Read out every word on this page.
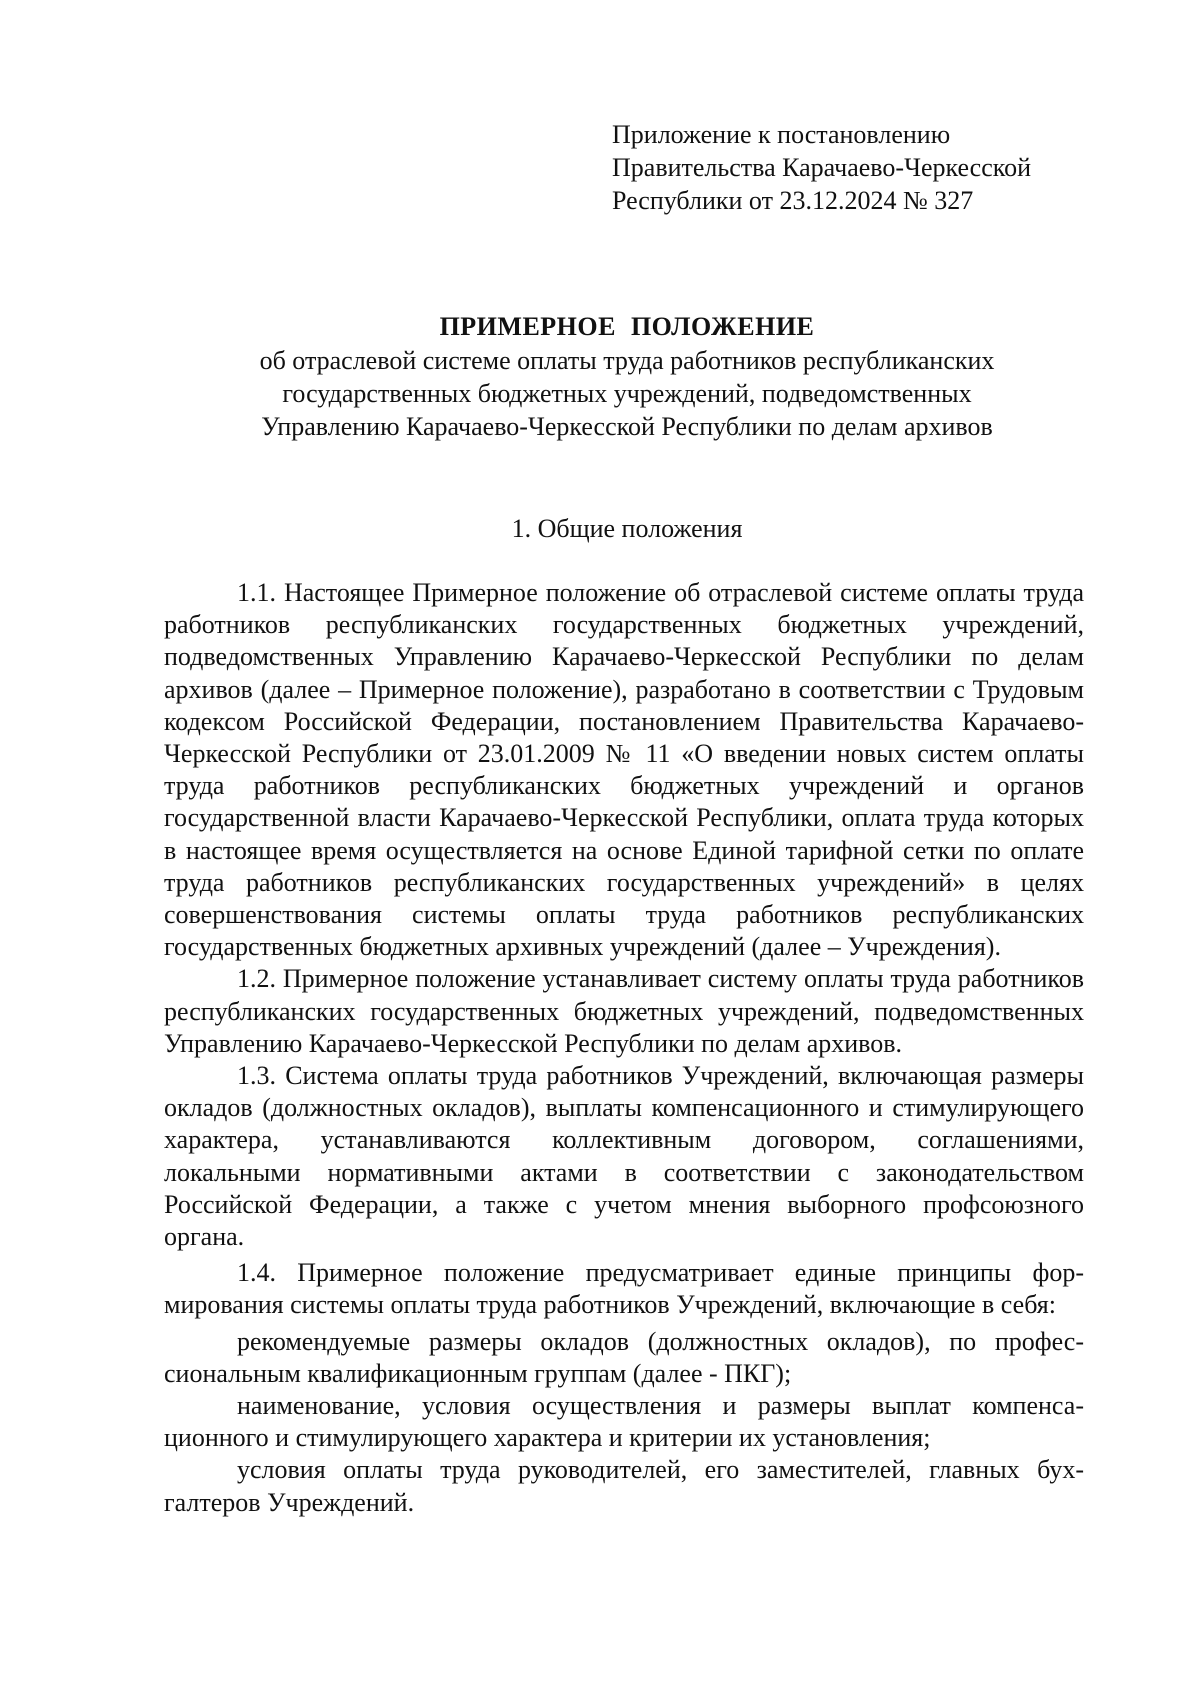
Приложение к постановлению
Правительства Карачаево-Черкесской
Республики от 23.12.2024 № 327
ПРИМЕРНОЕ ПОЛОЖЕНИЕ
об отраслевой системе оплаты труда работников республиканских
государственных бюджетных учреждений, подведомственных
Управлению Карачаево-Черкесской Республики по делам архивов
1. Общие положения

1.1. Настоящее Примерное положение об отраслевой системе оплаты труда работников республиканских государственных бюджетных учреждений, подведомственных Управлению Карачаево-Черкесской Республики по делам архивов (далее – Примерное положение), разработано в соответствии с Трудовым кодексом Российской Федерации, постановлением Правительства Карачаево-Черкесской Республики от 23.01.2009 № 11 «О введении новых систем оплаты труда работников республиканских бюджетных учреждений и органов государственной власти Карачаево-Черкесской Республики, оплата труда которых в настоящее время осуществляется на основе Единой тарифной сетки по оплате труда работников республиканских государственных учреждений» в целях совершенствования системы оплаты труда работников республиканских государственных бюджетных архивных учреждений (далее – Учреждения).

1.2. Примерное положение устанавливает систему оплаты труда работников республиканских государственных бюджетных учреждений, подведомственных Управлению Карачаево-Черкесской Республики по делам архивов.

1.3. Система оплаты труда работников Учреждений, включающая размеры окладов (должностных окладов), выплаты компенсационного и стимулирующего характера, устанавливаются коллективным договором, соглашениями, локальными нормативными актами в соответствии с законодательством Российской Федерации, а также с учетом мнения выборного профсоюзного органа.

1.4. Примерное положение предусматривает единые принципы формирования системы оплаты труда работников Учреждений, включающие в себя:

рекомендуемые размеры окладов (должностных окладов), по профессиональным квалификационным группам (далее - ПКГ);

наименование, условия осуществления и размеры выплат компенсационного и стимулирующего характера и критерии их установления;

условия оплаты труда руководителей, его заместителей, главных бухгалтеров Учреждений.
